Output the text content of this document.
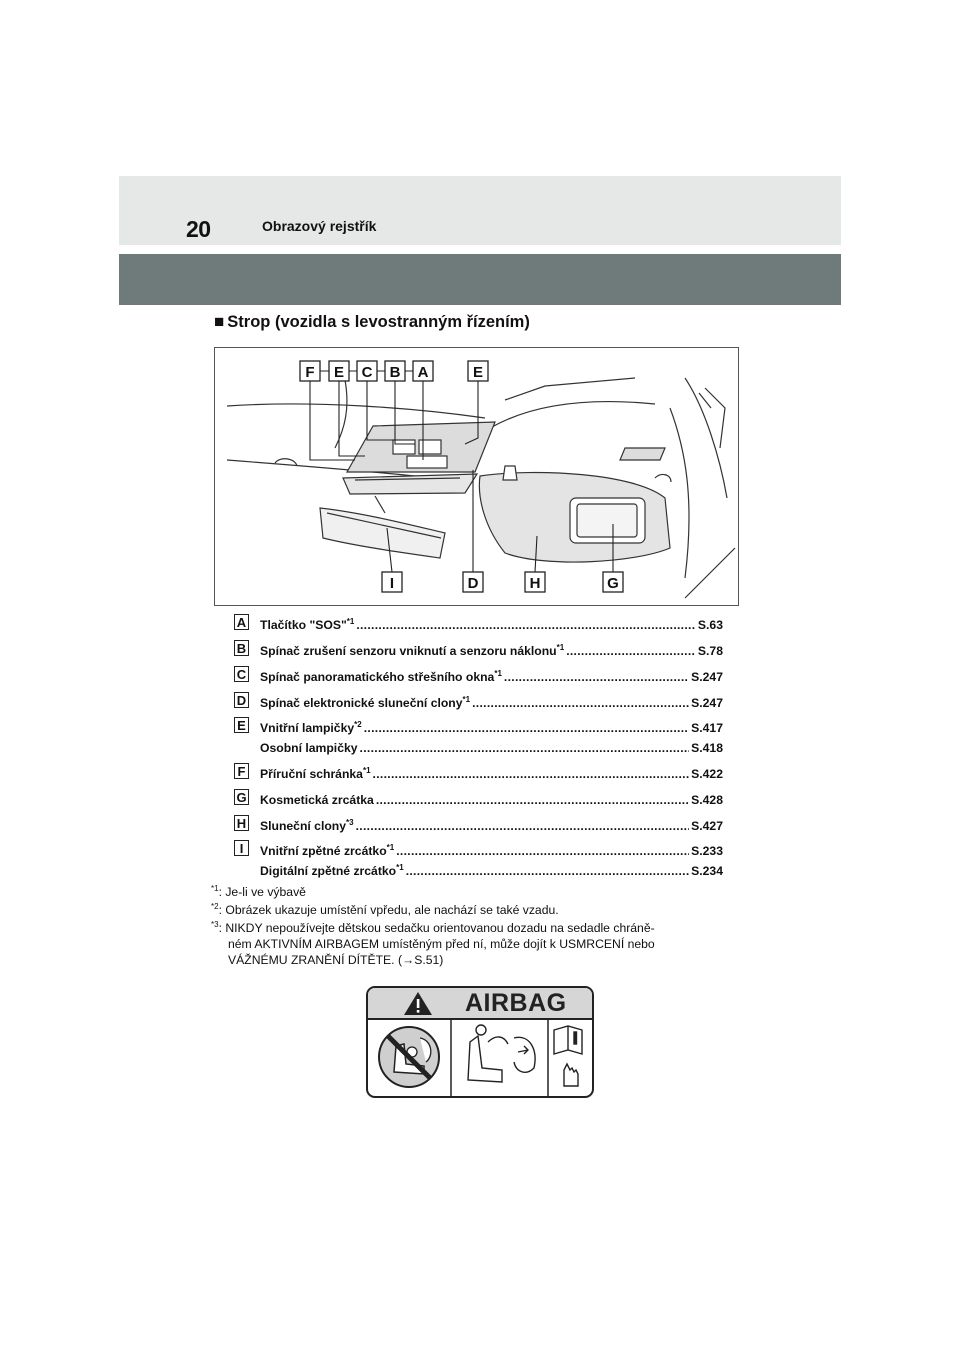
20	Obrazový rejstřík
■ Strop (vozidla s levostranným řízením)
F E C B A	E
I	D	H	G
A Tlačítko "SOS"$^{*1}$ .....	S.63
B Spínač zrušení senzoru vniknutí a senzoru náklonu$^{*1}$ .....	S.78
C Spínač panoramatického střešního okna$^{*1}$ .....	S.247
D Spínač elektronické sluneční clony$^{*1}$ .....	S.247
E Vnitřní lampičky$^{*2}$ .....	S.417
Osobní lampičky .....	S.418
F Příruční schránka$^{*1}$ .....	S.422
G Kosmetická zrcátka .....	S.428
H Sluneční clony$^{*3}$ .....	S.427
I	Vnitřní zpětné zrcátko$^{*1}$ .....	S.233
Digitální zpětné zrcátko$^{*1}$ .....	S.234
$^{*1}$: Je-li ve výbavě
$^{*2}$: Obrázek ukazuje umístění vpředu, ale nachází se také vzadu.
$^{*3}$: NIKDY nepoužívejte dětskou sedačku orientovanou dozadu na sedadle chráně-
ném AKTIVNÍM AIRBAGEM umístěným před ní, může dojít k USMRCENÍ nebo
VÁŽNÉMU ZRANĚNÍ DÍTĚTE. (→S.51)
AIRBAG
